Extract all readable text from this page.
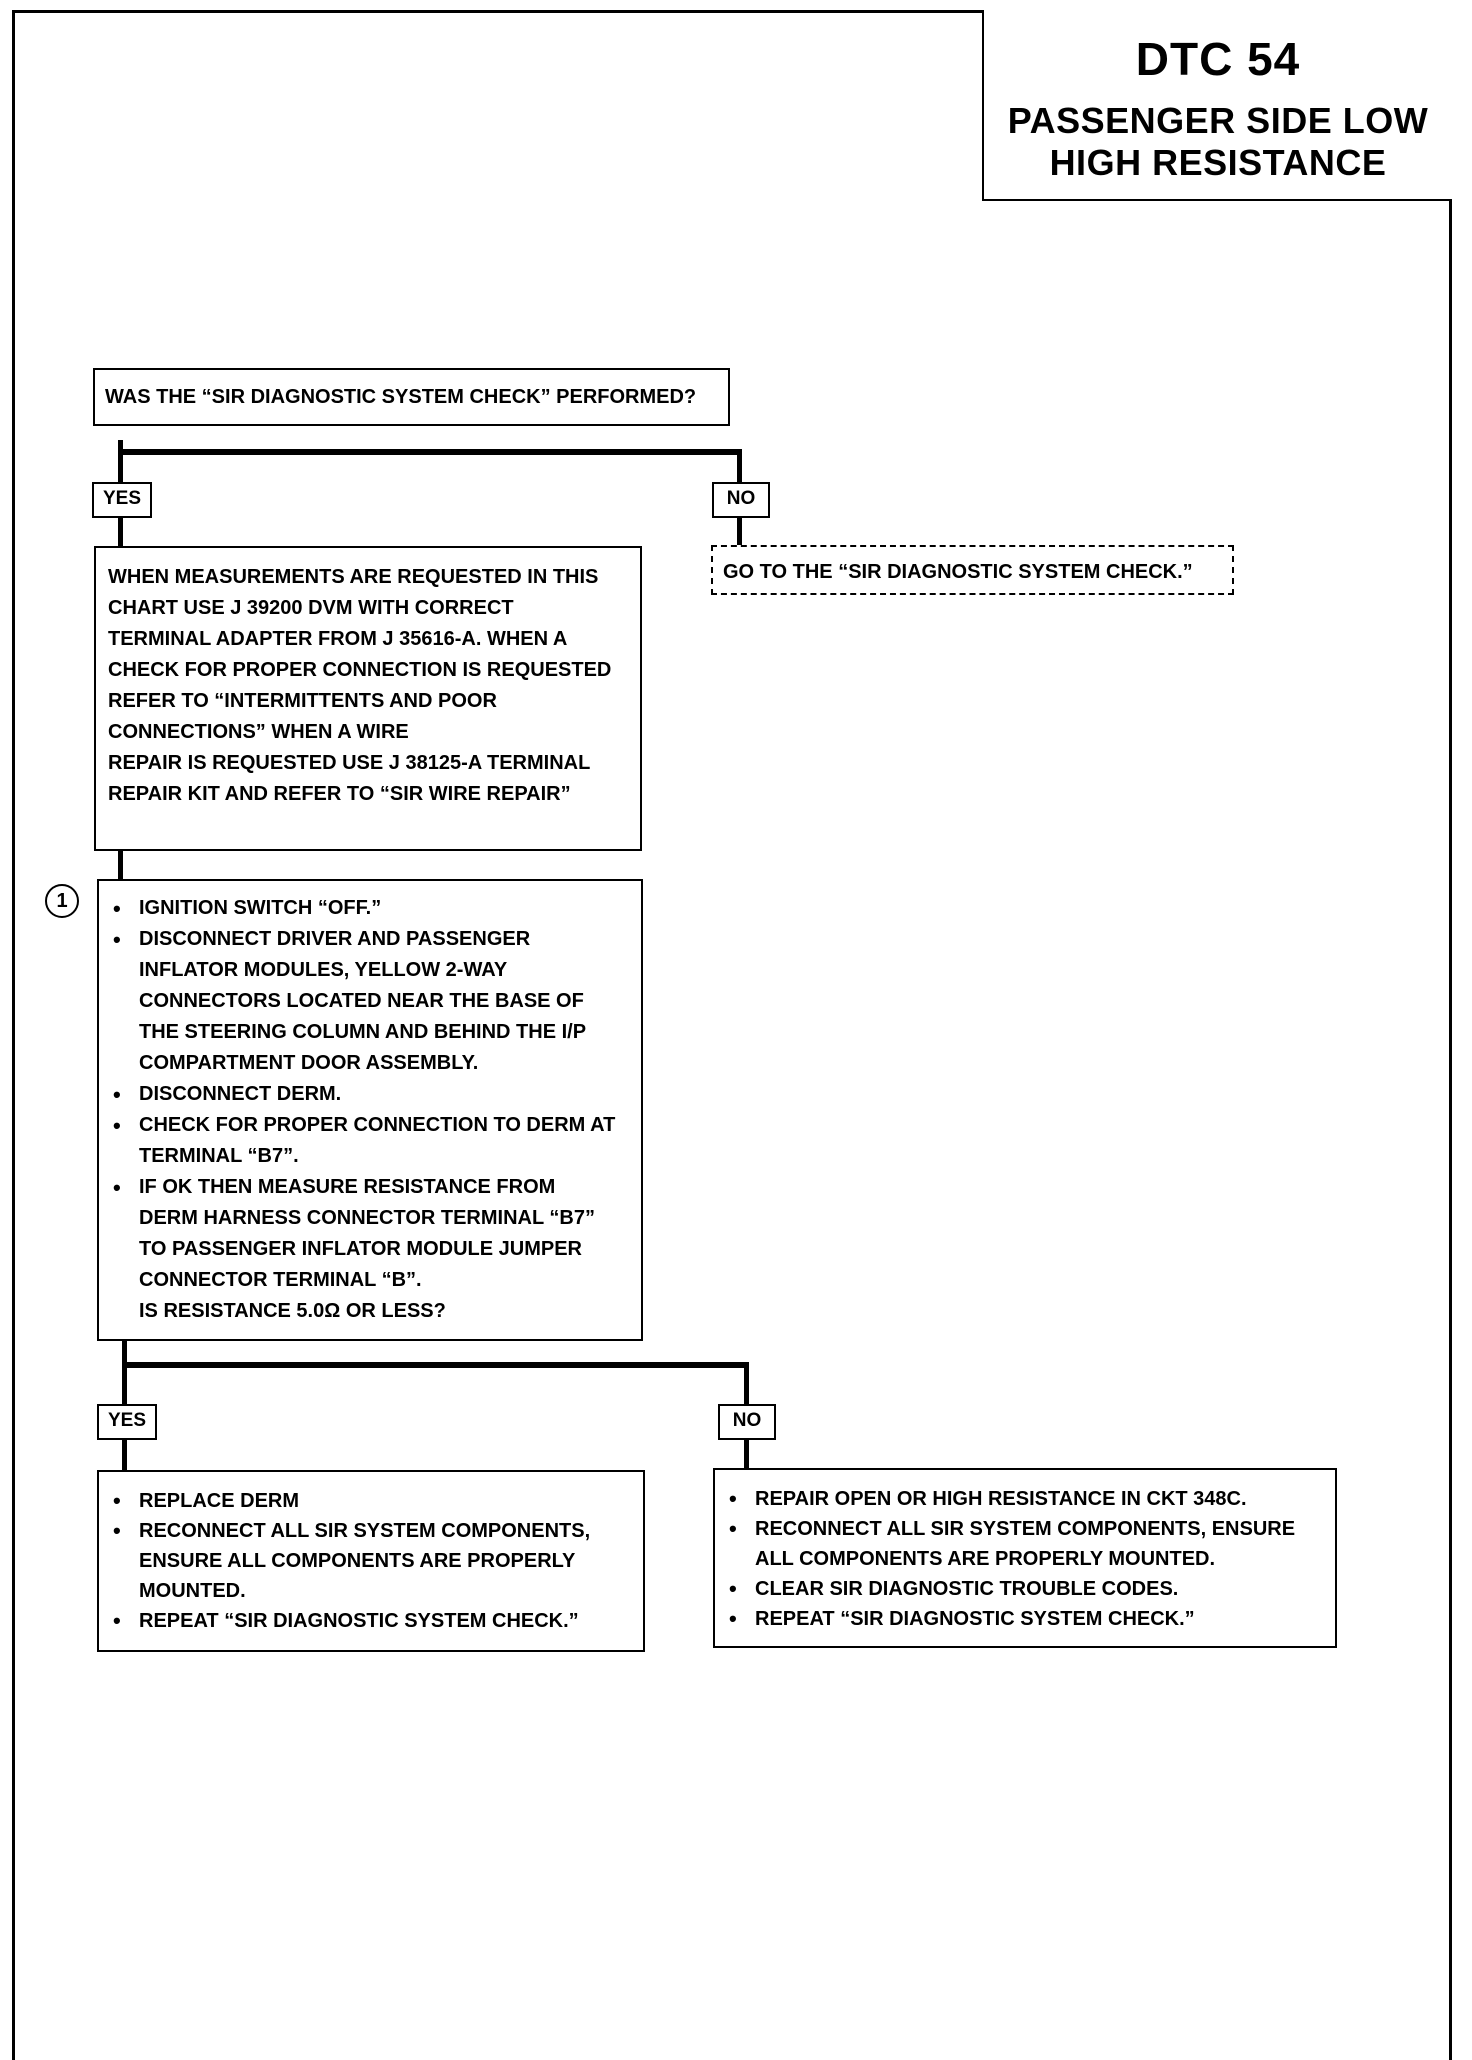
DTC 54
PASSENGER SIDE LOW
HIGH RESISTANCE
WAS THE “SIR DIAGNOSTIC SYSTEM CHECK” PERFORMED?
YES	NO
GO TO THE “SIR DIAGNOSTIC SYSTEM CHECK.”
WHEN MEASUREMENTS ARE REQUESTED IN THIS
CHART USE J 39200 DVM WITH CORRECT
TERMINAL ADAPTER FROM J 35616-A. WHEN A
CHECK FOR PROPER CONNECTION IS REQUESTED
REFER TO “INTERMITTENTS AND POOR
CONNECTIONS” WHEN A WIRE
REPAIR IS REQUESTED USE J 38125-A TERMINAL
REPAIR KIT AND REFER TO “SIR WIRE REPAIR”
1
•	IGNITION SWITCH “OFF.”
• DISCONNECT DRIVER AND PASSENGER
INFLATOR MODULES, YELLOW 2-WAY
CONNECTORS LOCATED NEAR THE BASE OF
THE STEERING COLUMN AND BEHIND THE I/P
COMPARTMENT DOOR ASSEMBLY.
• DISCONNECT DERM.
• CHECK FOR PROPER CONNECTION TO DERM AT
TERMINAL “B7”.
• IF OK THEN MEASURE RESISTANCE FROM
DERM HARNESS CONNECTOR TERMINAL “B7”
TO PASSENGER INFLATOR MODULE JUMPER
CONNECTOR TERMINAL “B”.
IS RESISTANCE 5.0Ω OR LESS?
YES	NO
• REPLACE DERM
• RECONNECT ALL SIR SYSTEM COMPONENTS,
ENSURE ALL COMPONENTS ARE PROPERLY
MOUNTED.
• REPEAT “SIR DIAGNOSTIC SYSTEM CHECK.”
• REPAIR OPEN OR HIGH RESISTANCE IN CKT 348C.
• RECONNECT ALL SIR SYSTEM COMPONENTS, ENSURE
ALL COMPONENTS ARE PROPERLY MOUNTED.
• CLEAR SIR DIAGNOSTIC TROUBLE CODES.
• REPEAT “SIR DIAGNOSTIC SYSTEM CHECK.”
